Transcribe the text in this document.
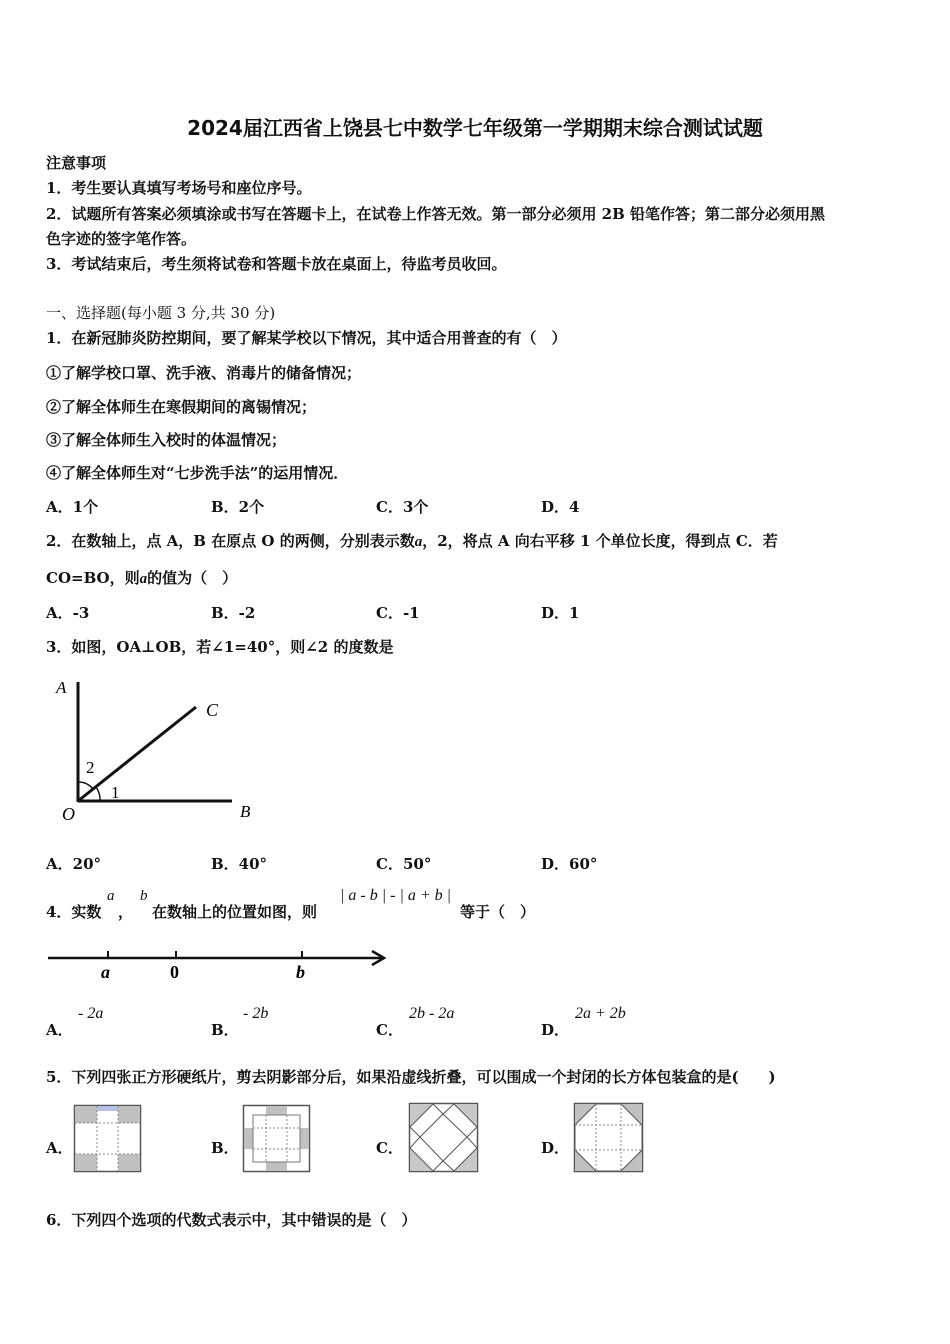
2024届江西省上饶县七中数学七年级第一学期期末综合测试试题
注意事项
1．考生要认真填写考场号和座位序号。
2．试题所有答案必须填涂或书写在答题卡上，在试卷上作答无效。第一部分必须用 2B 铅笔作答；第二部分必须用黑
色字迹的签字笔作答。
3．考试结束后，考生须将试卷和答题卡放在桌面上，待监考员收回。
一、选择题(每小题 3 分,共 30 分)
1．在新冠肺炎防控期间，要了解某学校以下情况，其中适合用普查的有（　）
①了解学校口罩、洗手液、消毒片的储备情况；
②了解全体师生在寒假期间的离锡情况；
③了解全体师生入校时的体温情况；
④了解全体师生对“七步洗手法”的运用情况．
A．1个	B．2个	C．3个	D．4
2．在数轴上，点 A，B 在原点 O 的两侧，分别表示数a，2，将点 A 向右平移 1 个单位长度，得到点 C．若
CO=BO，则a的值为（　）
A．-3	B．-2	C．-1	D．1
3．如图，OA⊥OB，若∠1=40°，则∠2 的度数是
A
C
B
O
2
1
A．20°	B．40°	C．50°	D．60°
4．实数
a
，
b
在数轴上的位置如图，则
| a - b | - | a + b |
等于（　）
a	0	b
A．
- 2a
B．
- 2b
C．
2b - 2a
D．
2a + 2b
5．下列四张正方形硬纸片，剪去阴影部分后，如果沿虚线折叠，可以围成一个封闭的长方体包装盒的是(　　)
A．	B．	C．	D．
6．下列四个选项的代数式表示中，其中错误的是（　）
